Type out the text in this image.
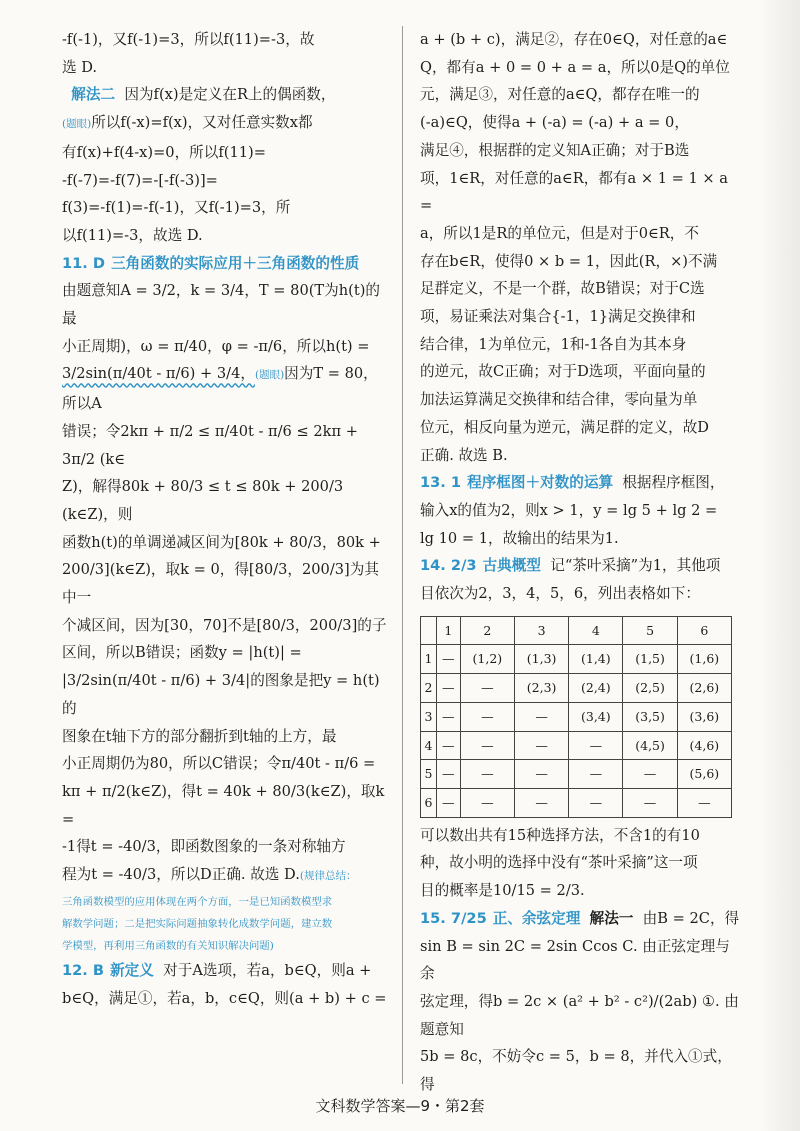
-f(-1)，又f(-1)=3，所以f(11)=-3，故

选 D.

解法二 因为f(x)是定义在R上的偶函数，

(题眼)所以f(-x)=f(x)，又对任意实数x都

有f(x)+f(4-x)=0，所以f(11)=

-f(-7)=-f(7)=-[-f(-3)]=

f(3)=-f(1)=-f(-1)，又f(-1)=3，所

以f(11)=-3，故选 D.

11. D 三角函数的实际应用＋三角函数的性质

由题意知A = 3/2，k = 3/4，T = 80(T为h(t)的最

小正周期)，ω = π/40，φ = -π/6，所以h(t) =

3/2sin(π/40t - π/6) + 3/4，(题眼)因为T = 80，所以A

错误；令2kπ + π/2 ≤ π/40t - π/6 ≤ 2kπ + 3π/2 (k∈

Z)，解得80k + 80/3 ≤ t ≤ 80k + 200/3 (k∈Z)，则

函数h(t)的单调递减区间为[80k + 80/3，80k +

200/3](k∈Z)，取k = 0，得[80/3，200/3]为其中一

个减区间，因为[30，70]不是[80/3，200/3]的子

区间，所以B错误；函数y = |h(t)| =

|3/2sin(π/40t - π/6) + 3/4|的图象是把y = h(t)的

图象在t轴下方的部分翻折到t轴的上方，最

小正周期仍为80，所以C错误；令π/40t - π/6 =

kπ + π/2(k∈Z)，得t = 40k + 80/3(k∈Z)，取k =

-1得t = -40/3，即函数图象的一条对称轴方

程为t = -40/3，所以D正确. 故选 D.(规律总结：

三角函数模型的应用体现在两个方面，一是已知函数模型求

解数学问题；二是把实际问题抽象转化成数学问题，建立数

学模型，再利用三角函数的有关知识解决问题)

12. B 新定义 对于A选项，若a，b∈Q，则a +

b∈Q，满足①，若a，b，c∈Q，则(a + b) + c =

a + (b + c)，满足②，存在0∈Q，对任意的a∈

Q，都有a + 0 = 0 + a = a，所以0是Q的单位

元，满足③，对任意的a∈Q，都存在唯一的

(-a)∈Q，使得a + (-a) = (-a) + a = 0，

满足④，根据群的定义知A正确；对于B选

项，1∈R，对任意的a∈R，都有a × 1 = 1 × a =

a，所以1是R的单位元，但是对于0∈R，不

存在b∈R，使得0 × b = 1，因此(R，×)不满

足群定义，不是一个群，故B错误；对于C选

项，易证乘法对集合{-1，1}满足交换律和

结合律，1为单位元，1和-1各自为其本身

的逆元，故C正确；对于D选项，平面向量的

加法运算满足交换律和结合律，零向量为单

位元，相反向量为逆元，满足群的定义，故D

正确. 故选 B.

13. 1 程序框图＋对数的运算 根据程序框图，

输入x的值为2，则x > 1，y = lg 5 + lg 2 =

lg 10 = 1，故输出的结果为1.

14. 2/3 古典概型 记“茶叶采摘”为1，其他项

目依次为2，3，4，5，6，列出表格如下：

	1	2	3	4	5	6
1	—	(1,2)	(1,3)	(1,4)	(1,5)	(1,6)
2	—	—	(2,3)	(2,4)	(2,5)	(2,6)
3	—	—	—	(3,4)	(3,5)	(3,6)
4	—	—	—	—	(4,5)	(4,6)
5	—	—	—	—	—	(5,6)
6	—	—	—	—	—	—

可以数出共有15种选择方法，不含1的有10

种，故小明的选择中没有“茶叶采摘”这一项

目的概率是10/15 = 2/3.

15. 7/25 正、余弦定理 解法一 由B = 2C，得

sin B = sin 2C = 2sin Ccos C. 由正弦定理与余

弦定理，得b = 2c × (a² + b² - c²)/(2ab) ①. 由题意知

5b = 8c，不妨令c = 5，b = 8，并代入①式，得

文科数学答案—9・第2套
